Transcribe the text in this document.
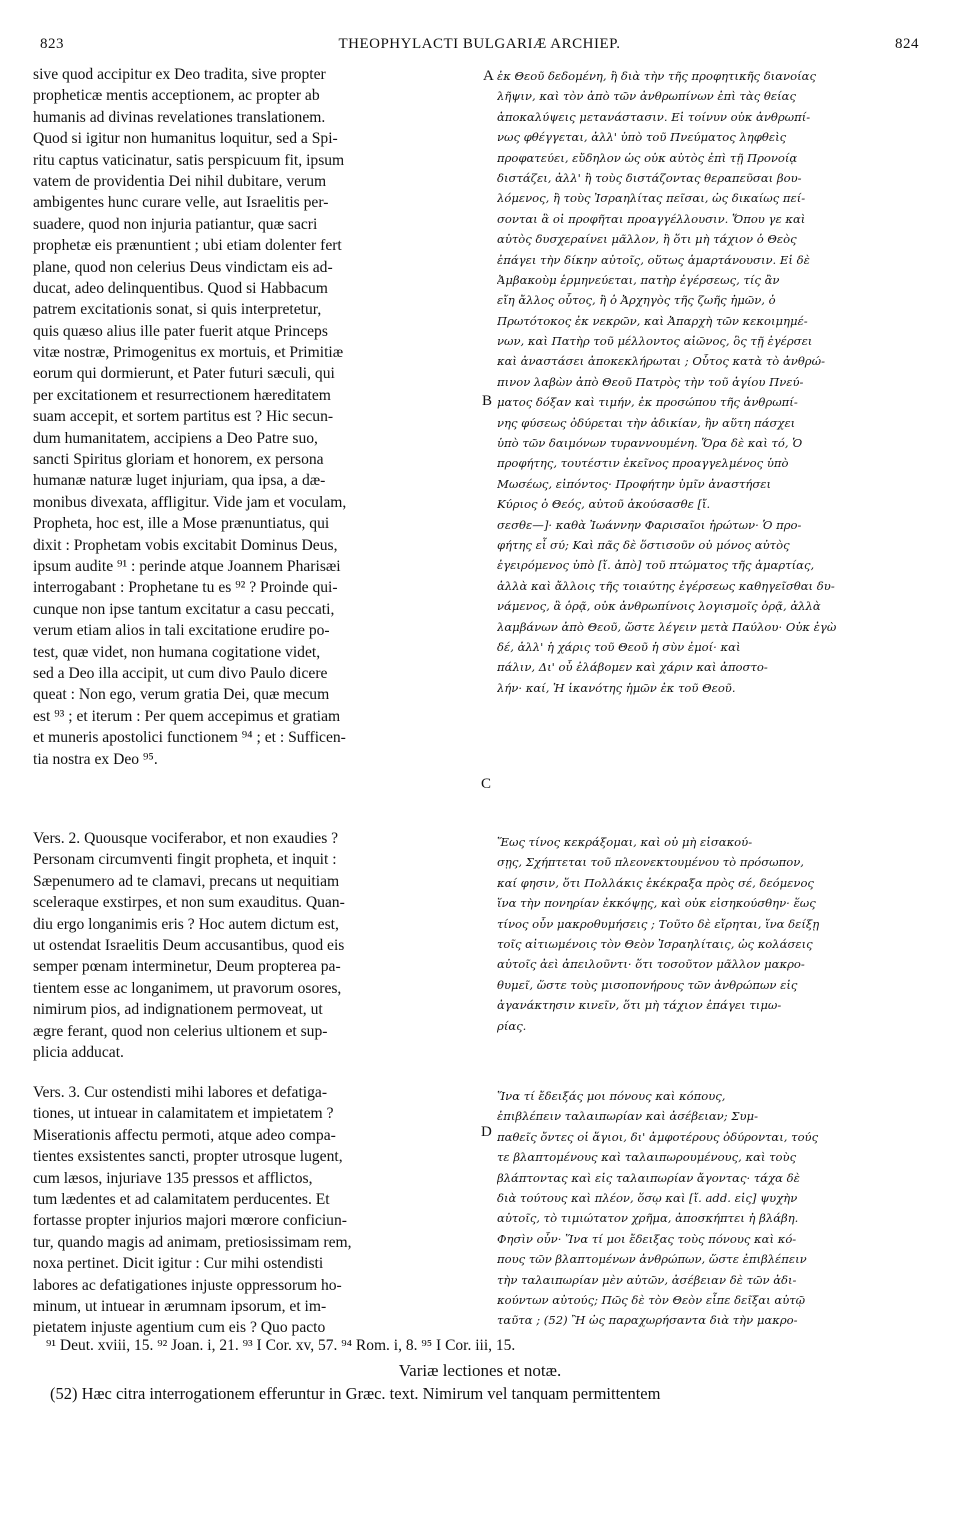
823	THEOPHYLACTI BULGARIÆ ARCHIEP.	824
sive quod accipitur ex Deo tradita, sive propter
propheticæ mentis acceptionem, ac propter ab
humanis ad divinas revelationes translationem.
Quod si igitur non humanitus loquitur, sed a Spi-
ritu captus vaticinatur, satis perspicuum fit, ipsum
vatem de providentia Dei nihil dubitare, verum
ambigentes hunc curare velle, aut Israelitis per-
suadere, quod non injuria patiantur, quæ sacri
prophetæ eis prænuntient ; ubi etiam dolenter fert
plane, quod non celerius Deus vindictam eis ad-
ducat, adeo delinquentibus. Quod si Habbacum
patrem excitationis sonat, si quis interpretetur,
quis quæso alius ille pater fuerit atque Princeps
vitæ nostræ, Primogenitus ex mortuis, et Primitiæ
eorum qui dormierunt, et Pater futuri sæculi, qui
per excitationem et resurrectionem hæreditatem
suam accepit, et sortem partitus est ? Hic secun-
dum humanitatem, accipiens a Deo Patre suo,
sancti Spiritus gloriam et honorem, ex persona
humanæ naturæ luget injuriam, qua ipsa, a dæ-
monibus divexata, affligitur. Vide jam et voculam,
Propheta, hoc est, ille a Mose prænuntiatus, qui
dixit : Prophetam vobis excitabit Dominus Deus,
ipsum audite ⁹¹ : perinde atque Joannem Pharisæi
interrogabant : Prophetane tu es ⁹² ? Proinde qui-
cunque non ipse tantum excitatur a casu peccati,
verum etiam alios in tali excitatione erudire po-
test, quæ videt, non humana cogitatione videt,
sed a Deo illa accipit, ut cum divo Paulo dicere
queat : Non ego, verum gratia Dei, quæ mecum
est ⁹³ ; et iterum : Per quem accepimus et gratiam
et muneris apostolici functionem ⁹⁴ ; et : Sufficen-
tia nostra ex Deo ⁹⁵.
Vers. 2. Quousque vociferabor, et non exaudies ?
Personam circumventi fingit propheta, et inquit :
Sæpenumero ad te clamavi, precans ut nequitiam
sceleraque exstirpes, et non sum exauditus. Quan-
diu ergo longanimis eris ? Hoc autem dictum est,
ut ostendat Israelitis Deum accusantibus, quod eis
semper pœnam interminetur, Deum propterea pa-
tientem esse ac longanimem, ut pravorum osores,
nimirum pios, ad indignationem permoveat, ut
ægre ferant, quod non celerius ultionem et sup-
plicia adducat.
Vers. 3. Cur ostendisti mihi labores et defatiga-
tiones, ut intuear in calamitatem et impietatem ?
Miserationis affectu permoti, atque adeo compa-
tientes exsistentes sancti, propter utrosque lugent,
cum læsos, injuriave 135 pressos et afflictos,
tum lædentes et ad calamitatem perducentes. Et
fortasse propter injurios majori mœrore conficiun-
tur, quando magis ad animam, pretiosissimam rem,
noxa pertinet. Dicit igitur : Cur mihi ostendisti
labores ac defatigationes injuste oppressorum ho-
minum, ut intuear in ærumnam ipsorum, et im-
pietatem injuste agentium cum eis ? Quo pacto
ἐκ Θεοῦ δεδομένη, ἢ διὰ τὴν τῆς προφητικῆς διανοίας
λῆψιν, καὶ τὸν ἀπὸ τῶν ἀνθρωπίνων ἐπὶ τὰς θείας
ἀποκαλύψεις μετανάστασιν. Εἰ τοίνυν οὐκ ἀνθρωπί-
νως φθέγγεται, ἀλλ' ὑπὸ τοῦ Πνεύματος ληφθεὶς
προφατεύει, εὔδηλον ὡς οὐκ αὐτὸς ἐπὶ τῇ Προνοίᾳ
διστάζει, ἀλλ' ἢ τοὺς διστάζοντας θεραπεῦσαι βου-
λόμενος, ἢ τοὺς Ἰσραηλίτας πεῖσαι, ὡς δικαίως πεί-
σονται ἃ οἱ προφῆται προαγγέλλουσιν. Ὅπου γε καὶ
αὐτὸς δυσχεραίνει μᾶλλον, ἢ ὅτι μὴ τάχιον ὁ Θεὸς
ἐπάγει τὴν δίκην αὐτοῖς, οὕτως ἁμαρτάνουσιν. Εἰ δὲ
Ἀμβακοὺμ ἑρμηνεύεται, πατὴρ ἐγέρσεως, τίς ἂν
εἴη ἄλλος οὗτος, ἢ ὁ Ἀρχηγὸς τῆς ζωῆς ἡμῶν, ὁ
Πρωτότοκος ἐκ νεκρῶν, καὶ Ἀπαρχὴ τῶν κεκοιμημέ-
νων, καὶ Πατὴρ τοῦ μέλλοντος αἰῶνος, ὃς τῇ ἐγέρσει
καὶ ἀναστάσει ἀποκεκλήρωται ; Οὗτος κατὰ τὸ ἀνθρώ-
πινον λαβὼν ἀπὸ Θεοῦ Πατρὸς τὴν τοῦ ἁγίου Πνεύ-
ματος δόξαν καὶ τιμήν, ἐκ προσώπου τῆς ἀνθρωπί-
νης φύσεως ὀδύρεται τὴν ἀδικίαν, ἣν αὕτη πάσχει
ὑπὸ τῶν δαιμόνων τυραννουμένη. Ὅρα δὲ καὶ τό, Ὁ
προφήτης, τουτέστιν ἐκεῖνος προαγγελμένος ὑπὸ
Μωσέως, εἰπόντος· Προφήτην ὑμῖν ἀναστήσει
Κύριος ὁ Θεός, αὐτοῦ ἀκούσασθε [ἴ.
σεσθε—]· καθὰ Ἰωάννην Φαρισαῖοι ἠρώτων· Ὁ προ-
φήτης εἶ σύ; Καὶ πᾶς δὲ ὅστισοῦν οὐ μόνος αὐτὸς
ἐγειρόμενος ὑπὸ [ἴ. ἀπὸ] τοῦ πτώματος τῆς ἁμαρτίας,
ἀλλὰ καὶ ἄλλοις τῆς τοιαύτης ἐγέρσεως καθηγεῖσθαι δυ-
νάμενος, ἃ ὁρᾷ, οὐκ ἀνθρωπίνοις λογισμοῖς ὁρᾷ, ἀλλὰ
λαμβάνων ἀπὸ Θεοῦ, ὥστε λέγειν μετὰ Παύλου· Οὐκ ἐγὼ
δέ, ἀλλ' ἡ χάρις τοῦ Θεοῦ ἡ σὺν ἐμοί· καὶ
πάλιν, Δι' οὗ ἐλάβομεν καὶ χάριν καὶ ἀποστο-
λήν· καί, Ἡ ἱκανότης ἡμῶν ἐκ τοῦ Θεοῦ.
Ἕως τίνος κεκράξομαι, καὶ οὐ μὴ εἰσακού-
σῃς, Σχήπτεται τοῦ πλεονεκτουμένου τὸ πρόσωπον,
καί φησιν, ὅτι Πολλάκις ἐκέκραξα πρὸς σέ, δεόμενος
ἵνα τὴν πονηρίαν ἐκκόψῃς, καὶ οὐκ εἰσηκούσθην· ἕως
τίνος οὖν μακροθυμήσεις ; Τοῦτο δὲ εἴρηται, ἵνα δείξῃ
τοῖς αἰτιωμένοις τὸν Θεὸν Ἰσραηλίταις, ὡς κολάσεις
αὐτοῖς ἀεὶ ἀπειλοῦντι· ὅτι τοσοῦτον μᾶλλον μακρο-
θυμεῖ, ὥστε τοὺς μισοπονήρους τῶν ἀνθρώπων εἰς
ἀγανάκτησιν κινεῖν, ὅτι μὴ τάχιον ἐπάγει τιμω-
ρίας.
Ἵνα τί ἔδειξάς μοι πόνους καὶ κόπους,
ἐπιβλέπειν ταλαιπωρίαν καὶ ἀσέβειαν; Συμ-
παθεῖς ὄντες οἱ ἅγιοι, δι' ἀμφοτέρους ὀδύρονται, τούς
τε βλαπτομένους καὶ ταλαιπωρουμένους, καὶ τοὺς
βλάπτοντας καὶ εἰς ταλαιπωρίαν ἄγοντας· τάχα δὲ
διὰ τούτους καὶ πλέον, ὅσῳ καὶ [ἴ. add. εἰς] ψυχὴν
αὐτοῖς, τὸ τιμιώτατον χρῆμα, ἀποσκήπτει ἡ βλάβη.
Φησὶν οὖν· Ἵνα τί μοι ἔδειξας τοὺς πόνους καὶ κό-
πους τῶν βλαπτομένων ἀνθρώπων, ὥστε ἐπιβλέπειν
τὴν ταλαιπωρίαν μὲν αὐτῶν, ἀσέβειαν δὲ τῶν ἀδι-
κούντων αὐτούς; Πῶς δὲ τὸν Θεὸν εἶπε δεῖξαι αὐτῷ
ταῦτα ; (52) Ἢ ὡς παραχωρήσαντα διὰ τὴν μακρο-
A
B
C
D
⁹¹ Deut. xviii, 15. ⁹² Joan. i, 21. ⁹³ I Cor. xv, 57. ⁹⁴ Rom. i, 8. ⁹⁵ I Cor. iii, 15.
Variæ lectiones et notæ.
(52) Hæc citra interrogationem efferuntur in Græc. text. Nimirum vel tanquam permittentem
